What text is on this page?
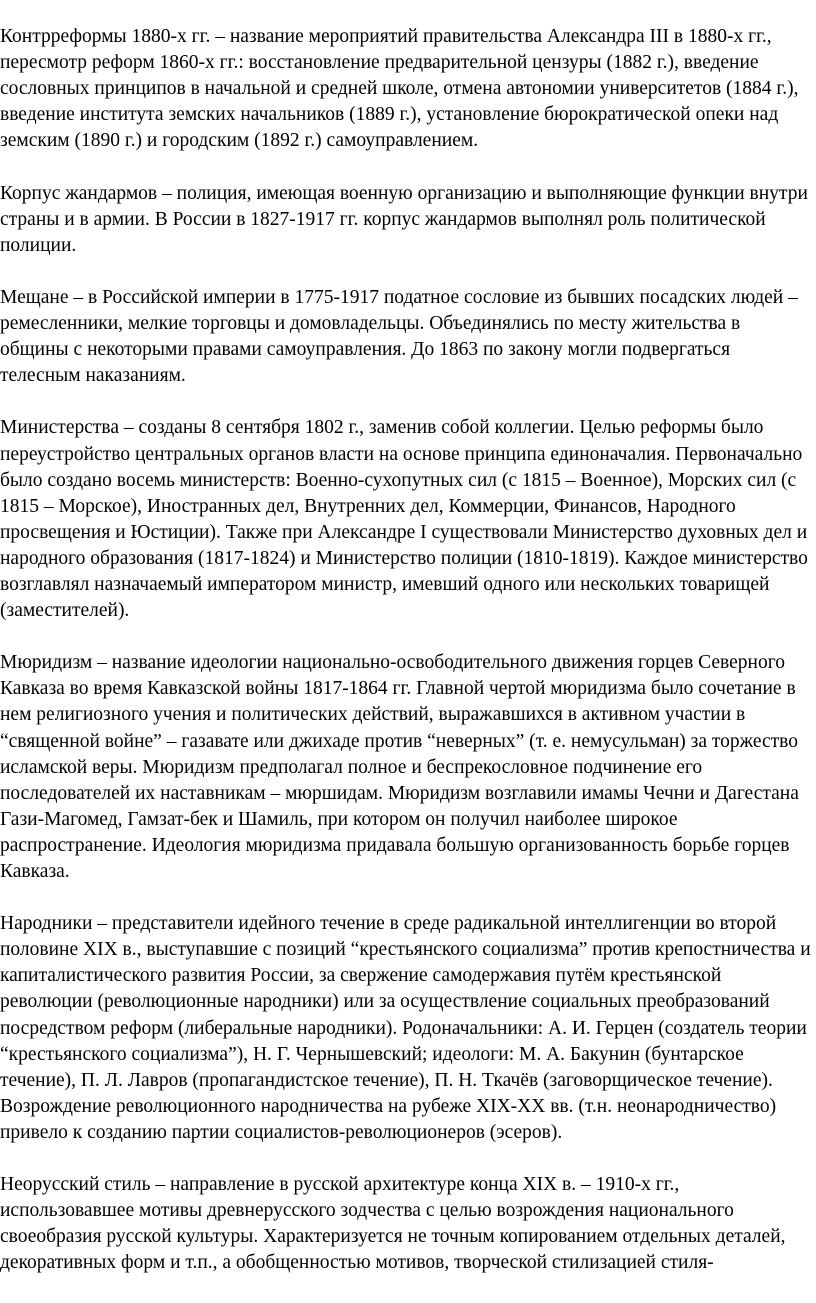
Контрреформы 1880-х гг. – название мероприятий правительства Александра III в 1880-х гг., пересмотр реформ 1860-х гг.: восстановление предварительной цензуры (1882 г.), введение сословных принципов в начальной и средней школе, отмена автономии университетов (1884 г.), введение института земских начальников (1889 г.), установление бюрократической опеки над земским (1890 г.) и городским (1892 г.) самоуправлением.

Корпус жандармов – полиция, имеющая военную организацию и выполняющие функции внутри страны и в армии. В России в 1827-1917 гг. корпус жандармов выполнял роль политической полиции.

Мещане – в Российской империи в 1775-1917 податное сословие из бывших посадских людей – ремесленники, мелкие торговцы и домовладельцы. Объединялись по месту жительства в общины с некоторыми правами самоуправления. До 1863 по закону могли подвергаться телесным наказаниям.

Министерства – созданы 8 сентября 1802 г., заменив собой коллегии. Целью реформы было переустройство центральных органов власти на основе принципа единоначалия. Первоначально было создано восемь министерств: Военно-сухопутных сил (с 1815 – Военное), Морских сил (с 1815 – Морское), Иностранных дел, Внутренних дел, Коммерции, Финансов, Народного просвещения и Юстиции). Также при Александре I существовали Министерство духовных дел и народного образования (1817-1824) и Министерство полиции (1810-1819). Каждое министерство возглавлял назначаемый императором министр, имевший одного или нескольких товарищей (заместителей).

Мюридизм – название идеологии национально-освободительного движения горцев Северного Кавказа во время Кавказской войны 1817-1864 гг. Главной чертой мюридизма было сочетание в нем религиозного учения и политических действий, выражавшихся в активном участии в “священной войне” – газавате или джихаде против “неверных” (т. е. немусульман) за торжество исламской веры. Мюридизм предполагал полное и беспрекословное подчинение его последователей их наставникам – мюршидам. Мюридизм возглавили имамы Чечни и Дагестана Гази-Магомед, Гамзат-бек и Шамиль, при котором он получил наиболее широкое распространение. Идеология мюридизма придавала большую организованность борьбе горцев Кавказа.

Народники – представители идейного течение в среде радикальной интеллигенции во второй половине XIX в., выступавшие с позиций “крестьянского социализма” против крепостничества и капиталистического развития России, за свержение самодержавия путём крестьянской революции (революционные народники) или за осуществление социальных преобразований посредством реформ (либеральные народники). Родоначальники: А. И. Герцен (создатель теории “крестьянского социализма”), Н. Г. Чернышевский; идеологи: М. А. Бакунин (бунтарское течение), П. Л. Лавров (пропагандистское течение), П. Н. Ткачёв (заговорщическое течение). Возрождение революционного народничества на рубеже XIX-XX вв. (т.н. неонародничество) привело к созданию партии социалистов-революционеров (эсеров).

Неорусский стиль – направление в русской архитектуре конца XIX в. – 1910-х гг., использовавшее мотивы древнерусского зодчества с целью возрождения национального своеобразия русской культуры. Характеризуется не точным копированием отдельных деталей, декоративных форм и т.п., а обобщенностью мотивов, творческой стилизацией стиля-
